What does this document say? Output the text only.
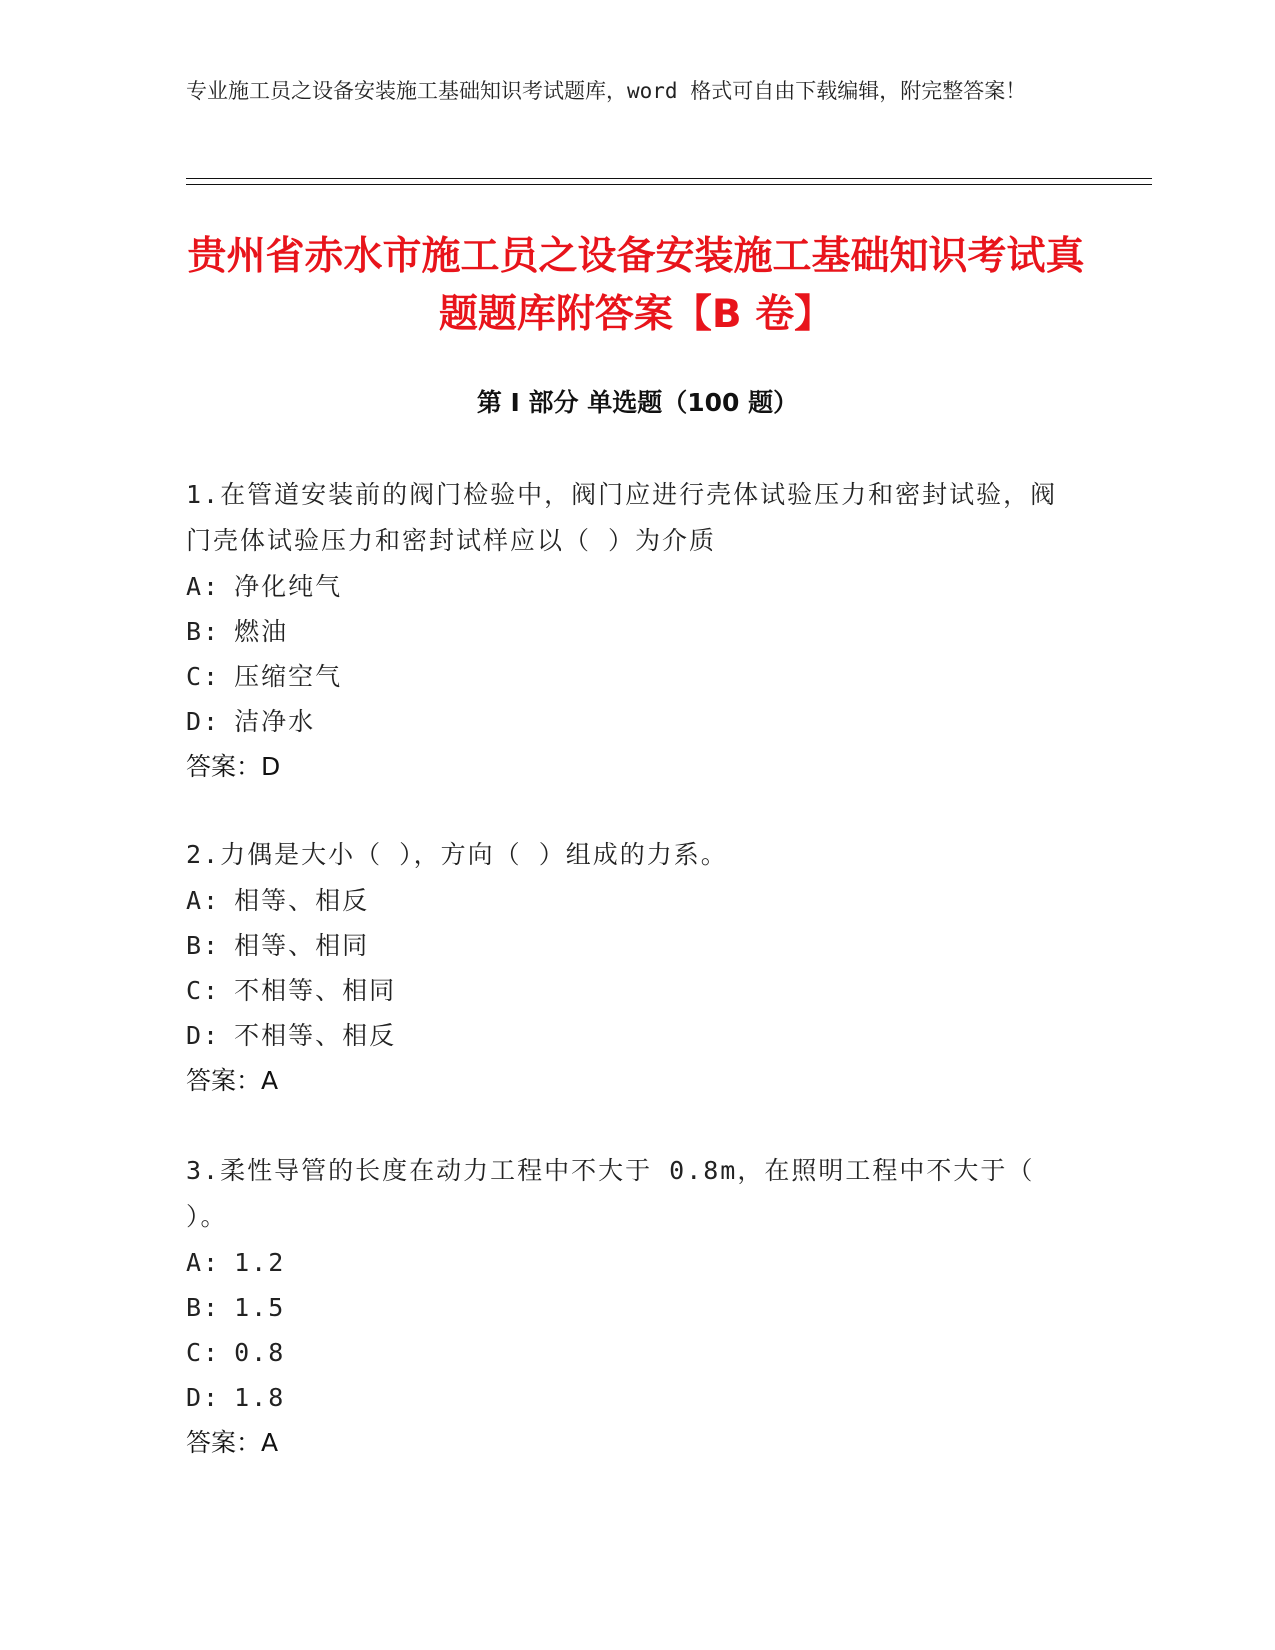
专业施工员之设备安装施工基础知识考试题库，word 格式可自由下载编辑，附完整答案！
贵州省赤水市施工员之设备安装施工基础知识考试真题题库附答案【B 卷】
第 I 部分 单选题（100 题）
1.在管道安装前的阀门检验中，阀门应进行壳体试验压力和密封试验，阀门壳体试验压力和密封试样应以（ ）为介质
A: 净化纯气
B: 燃油
C: 压缩空气
D: 洁净水
答案：D
2.力偶是大小（ ），方向（ ）组成的力系。
A: 相等、相反
B: 相等、相同
C: 不相等、相同
D: 不相等、相反
答案：A
3.柔性导管的长度在动力工程中不大于 0.8m，在照明工程中不大于（ ）。
A: 1.2
B: 1.5
C: 0.8
D: 1.8
答案：A
